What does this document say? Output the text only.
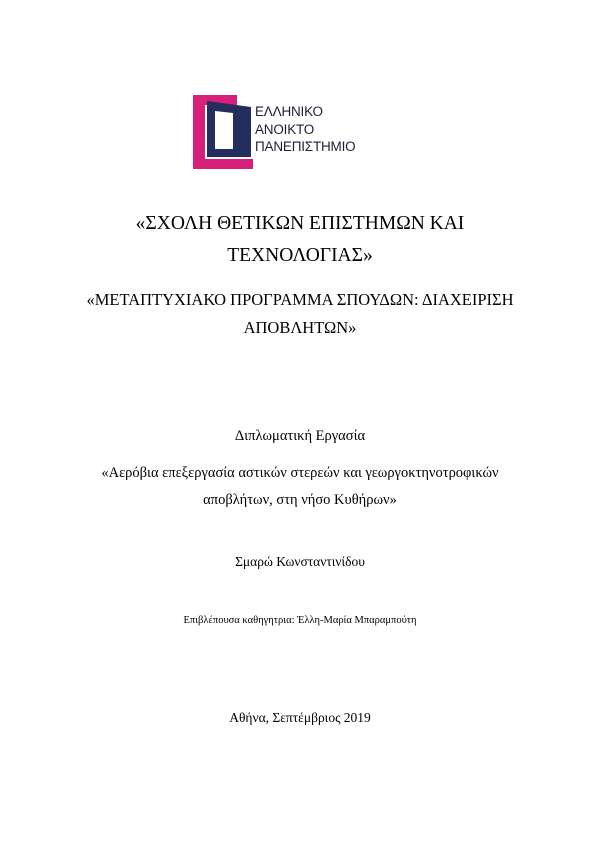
ΕΛΛΗΝΙΚΟ
ΑΝΟΙΚΤΟ
ΠΑΝΕΠΙΣΤΗΜΙΟ
«ΣΧΟΛΗ ΘΕΤΙΚΩΝ ΕΠΙΣΤΗΜΩΝ ΚΑΙ
ΤΕΧΝΟΛΟΓΙΑΣ»
«ΜΕΤΑΠΤΥΧΙΑΚΟ ΠΡΟΓΡΑΜΜΑ ΣΠΟΥΔΩΝ: ΔΙΑΧΕΙΡΙΣΗ
ΑΠΟΒΛΗΤΩΝ»
Διπλωματική Εργασία
«Αερόβια επεξεργασία αστικών στερεών και γεωργοκτηνοτροφικών
αποβλήτων, στη νήσο Κυθήρων»
Σμαρώ Κωνσταντινίδου
Επιβλέπουσα καθηγητρια: Έλλη-Μαρία Μπαραμπούτη
Αθήνα, Σεπτέμβριος 2019
